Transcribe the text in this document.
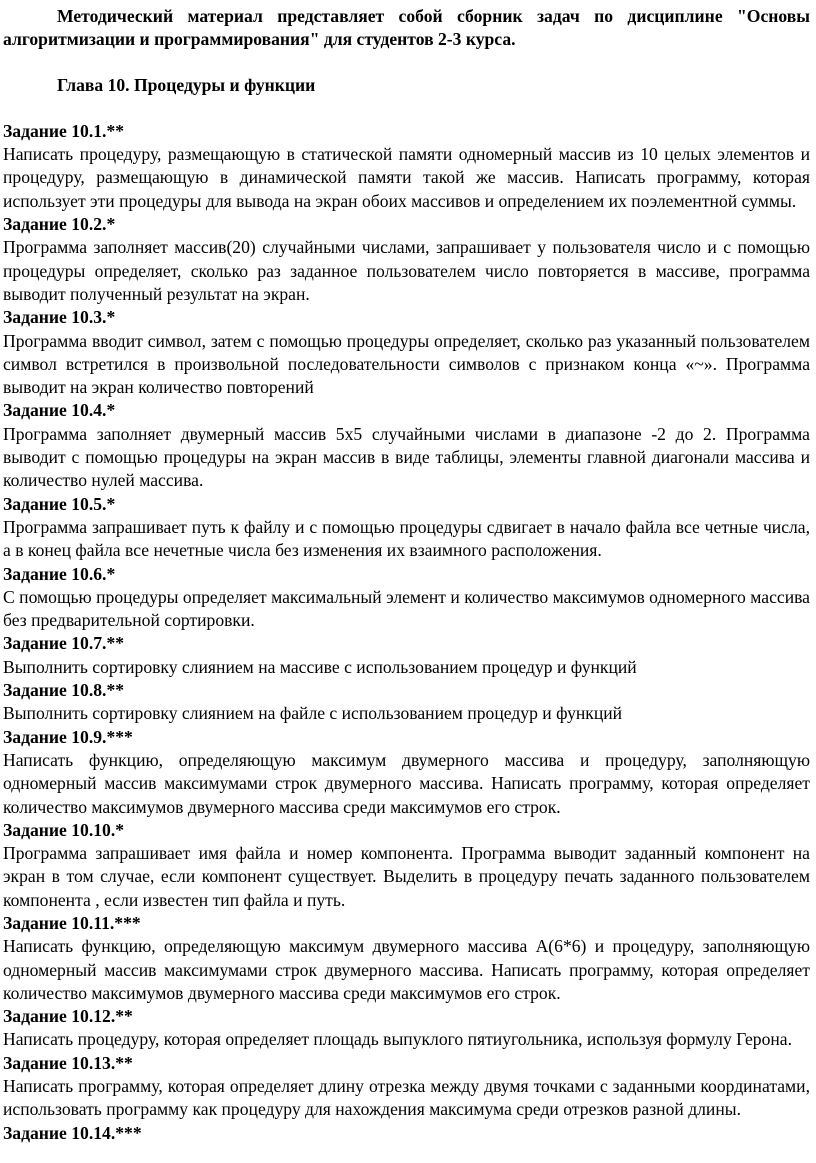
Методический материал представляет собой сборник задач по дисциплине "Основы алгоритмизации и программирования" для студентов 2-3 курса.

Глава 10. Процедуры и функции

Задание 10.1.**
Написать процедуру, размещающую в статической памяти одномерный массив из 10 целых элементов и процедуру, размещающую в динамической памяти такой же массив. Написать программу, которая использует эти процедуры для вывода на экран обоих массивов и определением их поэлементной суммы.
Задание 10.2.*
Программа заполняет массив(20) случайными числами, запрашивает у пользователя число и с помощью процедуры определяет, сколько раз заданное пользователем число повторяется в массиве, программа выводит полученный результат на экран.
Задание 10.3.*
Программа вводит символ, затем с помощью процедуры определяет, сколько раз указанный пользователем символ встретился в произвольной последовательности символов с признаком конца «~». Программа выводит на экран количество повторений
Задание 10.4.*
Программа заполняет двумерный массив 5х5 случайными числами в диапазоне -2 до 2. Программа выводит с помощью процедуры на экран массив в виде таблицы, элементы главной диагонали массива и количество нулей массива.
Задание 10.5.*
Программа запрашивает путь к файлу и с помощью процедуры сдвигает в начало файла все четные числа, а в конец файла все нечетные числа без изменения их взаимного расположения.
Задание 10.6.*
С помощью процедуры определяет максимальный элемент и количество максимумов одномерного массива без предварительной сортировки.
Задание 10.7.**
Выполнить сортировку слиянием на массиве с использованием процедур и функций
Задание 10.8.**
Выполнить сортировку слиянием на файле с использованием процедур и функций
Задание 10.9.***
Написать функцию, определяющую максимум двумерного массива и процедуру, заполняющую одномерный массив максимумами строк двумерного массива. Написать программу, которая определяет количество максимумов двумерного массива среди максимумов его строк.
Задание 10.10.*
Программа запрашивает имя файла и номер компонента. Программа выводит заданный компонент на экран в том случае, если компонент существует. Выделить в процедуру печать заданного пользователем компонента , если известен тип файла и путь.
Задание 10.11.***
Написать функцию, определяющую максимум двумерного массива A(6*6) и процедуру, заполняющую одномерный массив максимумами строк двумерного массива. Написать программу, которая определяет количество максимумов двумерного массива среди максимумов его строк.
Задание 10.12.**
Написать процедуру, которая определяет площадь выпуклого пятиугольника, используя формулу Герона.
Задание 10.13.**
Написать программу, которая определяет длину отрезка между двумя точками с заданными координатами, использовать программу как процедуру для нахождения максимума среди отрезков разной длины.
Задание 10.14.***
